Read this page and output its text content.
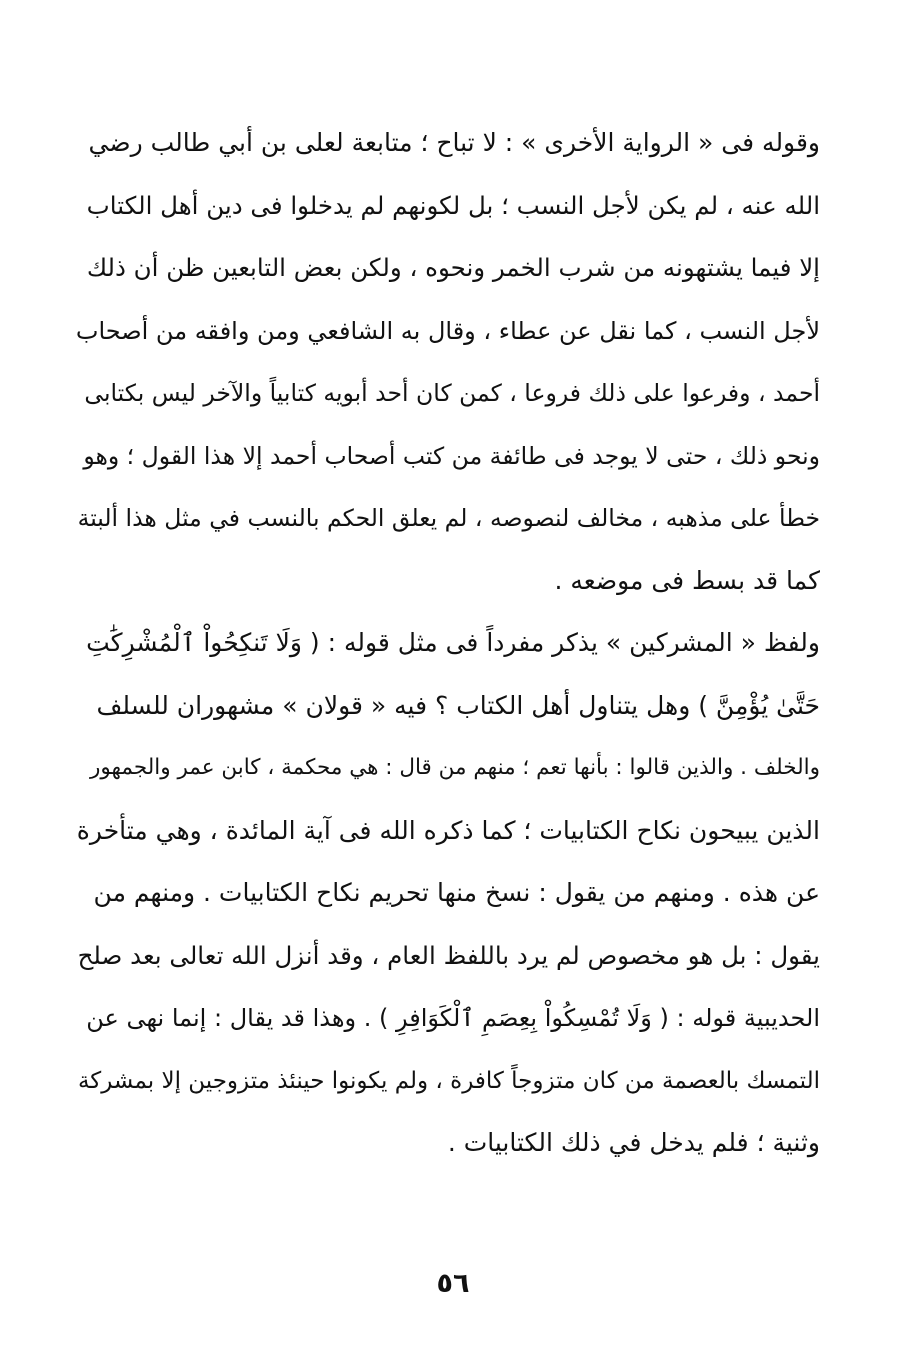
وقوله فى « الرواية الأخرى » : لا تباح ؛ متابعة لعلى بن أبي طالب رضي
الله عنه ، لم يكن لأجل النسب ؛ بل لكونهم لم يدخلوا فى دين أهل الكتاب
إلا فيما يشتهونه من شرب الخمر ونحوه ، ولكن بعض التابعين ظن أن ذلك
لأجل النسب ، كما نقل عن عطاء ، وقال به الشافعي ومن وافقه من أصحاب
أحمد ، وفرعوا على ذلك فروعا ، كمن كان أحد أبويه كتابياً والآخر ليس بكتابى
ونحو ذلك ، حتى لا يوجد فى طائفة من كتب أصحاب أحمد إلا هذا القول ؛ وهو
خطأ على مذهبه ، مخالف لنصوصه ، لم يعلق الحكم بالنسب في مثل هذا ألبتة
كما قد بسط فى موضعه .
ولفظ « المشركين » يذكر مفرداً فى مثل قوله : ( وَلَا تَنكِحُواْ ٱلْمُشْرِكَٰتِ
حَتَّىٰ يُؤْمِنَّ ) وهل يتناول أهل الكتاب ؟ فيه « قولان » مشهوران للسلف
والخلف . والذين قالوا : بأنها تعم ؛ منهم من قال : هي محكمة ، كابن عمر والجمهور
الذين يبيحون نكاح الكتابيات ؛ كما ذكره الله فى آية المائدة ، وهي متأخرة
عن هذه . ومنهم من يقول : نسخ منها تحريم نكاح الكتابيات . ومنهم من
يقول : بل هو مخصوص لم يرد باللفظ العام ، وقد أنزل الله تعالى بعد صلح
الحديبية قوله : ( وَلَا تُمْسِكُواْ بِعِصَمِ ٱلْكَوَافِرِ ) . وهذا قد يقال : إنما نهى عن
التمسك بالعصمة من كان متزوجاً كافرة ، ولم يكونوا حينئذ متزوجين إلا بمشركة
وثنية ؛ فلم يدخل في ذلك الكتابيات .
٥٦
